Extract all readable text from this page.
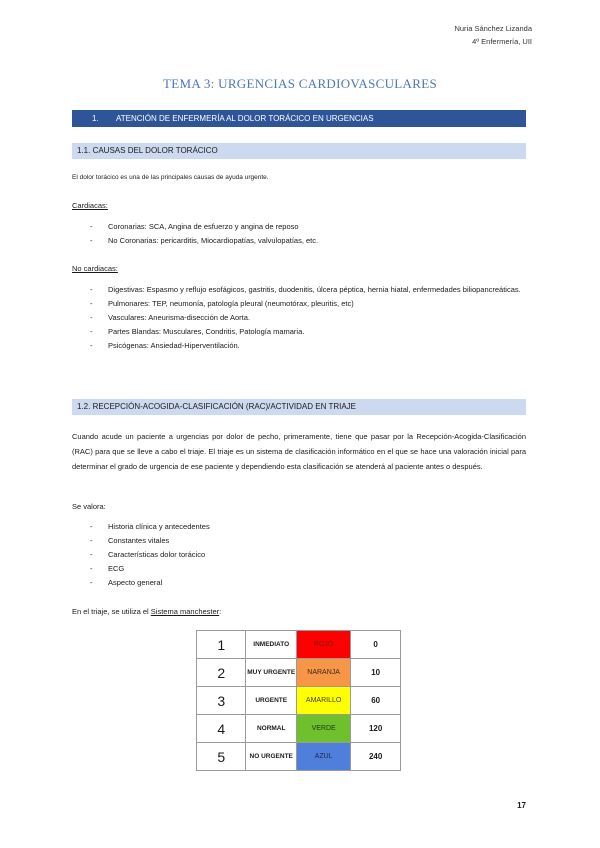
Nuria Sánchez Lizanda
4º Enfermería, UII
TEMA 3: URGENCIAS CARDIOVASCULARES
1. ATENCIÓN DE ENFERMERÍA AL DOLOR TORÁCICO EN URGENCIAS
1.1. CAUSAS DEL DOLOR TORÁCICO
El dolor torácico es una de las principales causas de ayuda urgente.
Cardiacas:
- Coronarias: SCA, Angina de esfuerzo y angina de reposo
- No Coronarias: pericarditis, Miocardiopatías, valvulopatías, etc.
No cardiacas:
- Digestivas: Espasmo y reflujo esofágicos, gastritis, duodenitis, úlcera péptica, hernia hiatal, enfermedades biliopancreáticas.
- Pulmonares: TEP, neumonía, patología pleural (neumotórax, pleuritis, etc)
- Vasculares: Aneurisma-disección de Aorta.
- Partes Blandas: Musculares, Condritis, Patología mamaria.
- Psicógenas: Ansiedad-Hiperventilación.
1.2. RECEPCIÓN-ACOGIDA-CLASIFICACIÓN (RAC)/ACTIVIDAD EN TRIAJE
Cuando acude un paciente a urgencias por dolor de pecho, primeramente, tiene que pasar por la Recepción-Acogida-Clasificación (RAC) para que se lleve a cabo el triaje. El triaje es un sistema de clasificación informático en el que se hace una valoración inicial para determinar el grado de urgencia de ese paciente y dependiendo esta clasificación se atenderá al paciente antes o después.
Se valora:
- Historia clínica y antecedentes
- Constantes vitales
- Características dolor torácico
- ECG
- Aspecto general
En el triaje, se utiliza el Sistema manchester:
1	INMEDIATO	ROJO	0
2	MUY URGENTE	NARANJA	10
3	URGENTE	AMARILLO	60
4	NORMAL	VERDE	120
5	NO URGENTE	AZUL	240
17
